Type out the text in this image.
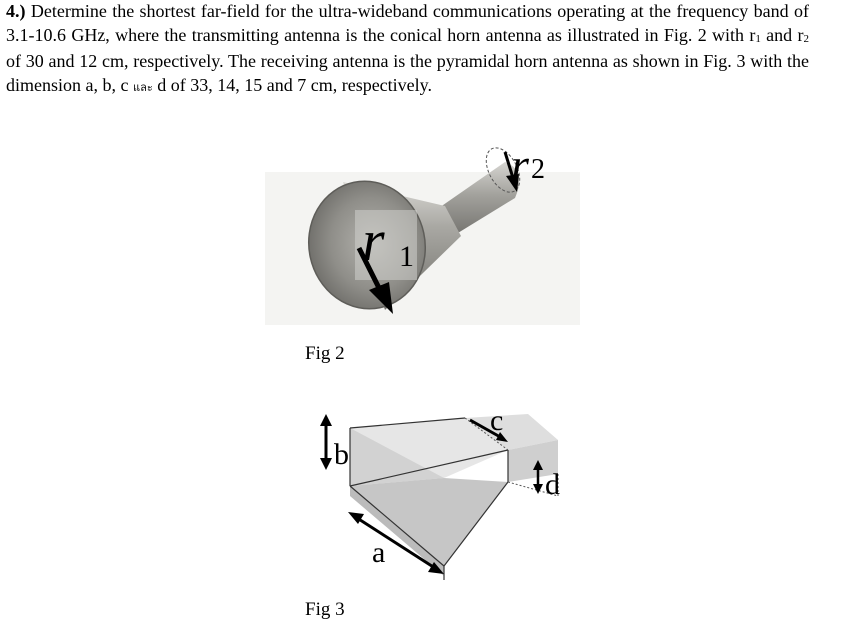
4.) Determine the shortest far-field for the ultra-wideband communications operating at the frequency band of 3.1-10.6 GHz, where the transmitting antenna is the conical horn antenna as illustrated in Fig. 2 with $r_1$ and $r_2$ of 30 and 12 cm, respectively. The receiving antenna is the pyramidal horn antenna as shown in Fig. 3 with the dimension a, b, c และ d of 33, 14, 15 and 7 cm, respectively.
r 1
r 2
Fig 2
a
b
c
d
Fig 3
